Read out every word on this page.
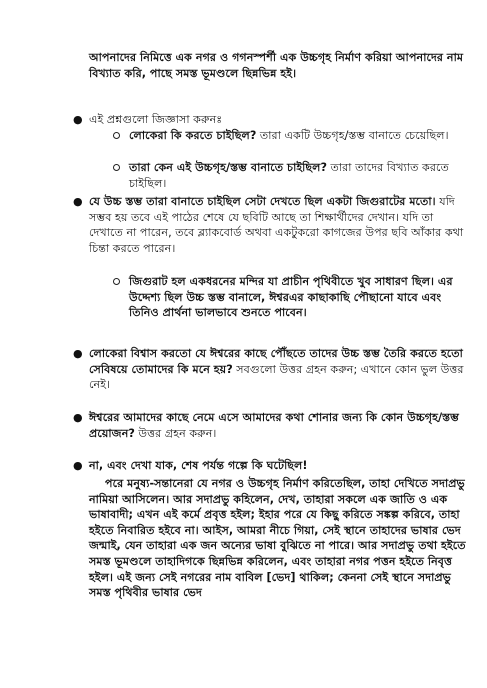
আপনাদের নিমিত্তে এক নগর ও গগনস্পর্শী এক উচ্চগৃহ নির্মাণ করিয়া আপনাদের নাম বিখ্যাত করি, পাছে সমস্ত ভূমণ্ডলে ছিন্নভিন্ন হই।
● এই প্রশ্নগুলো জিজ্ঞাসা করুনঃ
লোকেরা কি করতে চাইছিল? তারা একটি উচ্চগৃহ/স্তম্ভ বানাতে চেয়েছিল।
তারা কেন এই উচ্চগৃহ/স্তম্ভ বানাতে চাইছিল? তারা তাদের বিখ্যাত করতে চাইছিল।
● যে উচ্চ স্তম্ভ তারা বানাতে চাইছিল সেটা দেখতে ছিল একটা জিগুরাটের মতো। যদি সম্ভব হয় তবে এই পাঠের শেষে যে ছবিটি আছে তা শিক্ষার্থীদের দেখান। যদি তা দেখাতে না পারেন, তবে ব্ল্যাকবোর্ড অথবা একটুকরো কাগজের উপর ছবি আঁকার কথা চিন্তা করতে পারেন।
জিগুরাট হল একধরনের মন্দির যা প্রাচীন পৃথিবীতে খুব সাধারণ ছিল। এর উদ্দেশ্য ছিল উচ্চ স্তম্ভ বানালে, ঈশ্বরএর কাছাকাছি পৌছানো যাবে এবং তিনিও প্রার্থনা ভালভাবে শুনতে পাবেন।
● লোকেরা বিশ্বাস করতো যে ঈশ্বরের কাছে পৌঁছতে তাদের উচ্চ স্তম্ভ তৈরি করতে হতো সেবিষয়ে তোমাদের কি মনে হয়? সবগুলো উত্তর গ্রহন করুন; এখানে কোন ভুল উত্তর নেই।
● ঈশ্বরের আমাদের কাছে নেমে এসে আমাদের কথা শোনার জন্য কি কোন উচ্চগৃহ/স্তম্ভ প্রয়োজন? উত্তর গ্রহন করুন।
● না, এবং দেখা যাক, শেষ পর্যন্ত গল্পে কি ঘটেছিল!
পরে মনুষ্য-সন্তানেরা যে নগর ও উচ্চগৃহ নির্মাণ করিতেছিল, তাহা দেখিতে সদাপ্রভু নামিয়া আসিলেন। আর সদাপ্রভু কহিলেন, দেখ, তাহারা সকলে এক জাতি ও এক ভাষাবাদী; এখন এই কর্মে প্রবৃত্ত হইল; ইহার পরে যে কিছু করিতে সঙ্কল্প করিবে, তাহা হইতে নিবারিত হইবে না। আইস, আমরা নীচে গিয়া, সেই স্থানে তাহাদের ভাষার ভেদ জন্মাই, যেন তাহারা এক জন অন্যের ভাষা বুঝিতে না পারে। আর সদাপ্রভু তথা হইতে সমস্ত ভূমণ্ডলে তাহাদিগকে ছিন্নভিন্ন করিলেন, এবং তাহারা নগর পত্তন হইতে নিবৃত্ত হইল। এই জন্য সেই নগরের নাম বাবিল [ভেদ] থাকিল; কেননা সেই স্থানে সদাপ্রভু সমস্ত পৃথিবীর ভাষার ভেদ
